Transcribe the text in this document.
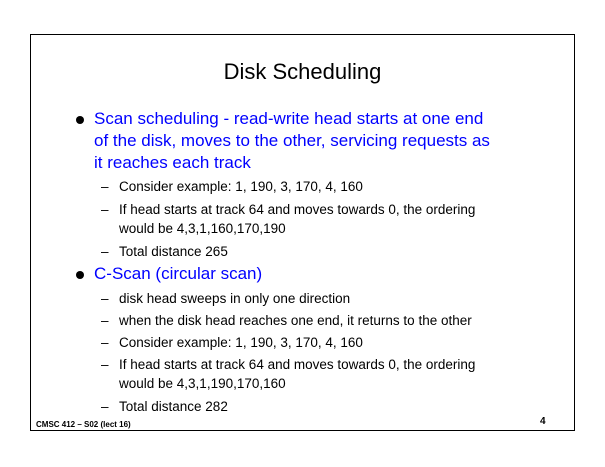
Disk Scheduling
Scan scheduling - read-write head starts at one end
of the disk, moves to the other, servicing requests as
it reaches each track
– Consider example: 1, 190, 3, 170, 4, 160
– If head starts at track 64 and moves towards 0, the ordering
would be 4,3,1,160,170,190
– Total distance 265
C-Scan (circular scan)
– disk head sweeps in only one direction
– when the disk head reaches one end, it returns to the other
– Consider example: 1, 190, 3, 170, 4, 160
– If head starts at track 64 and moves towards 0, the ordering
would be 4,3,1,190,170,160
– Total distance 282
CMSC 412 – S02 (lect 16)	4
